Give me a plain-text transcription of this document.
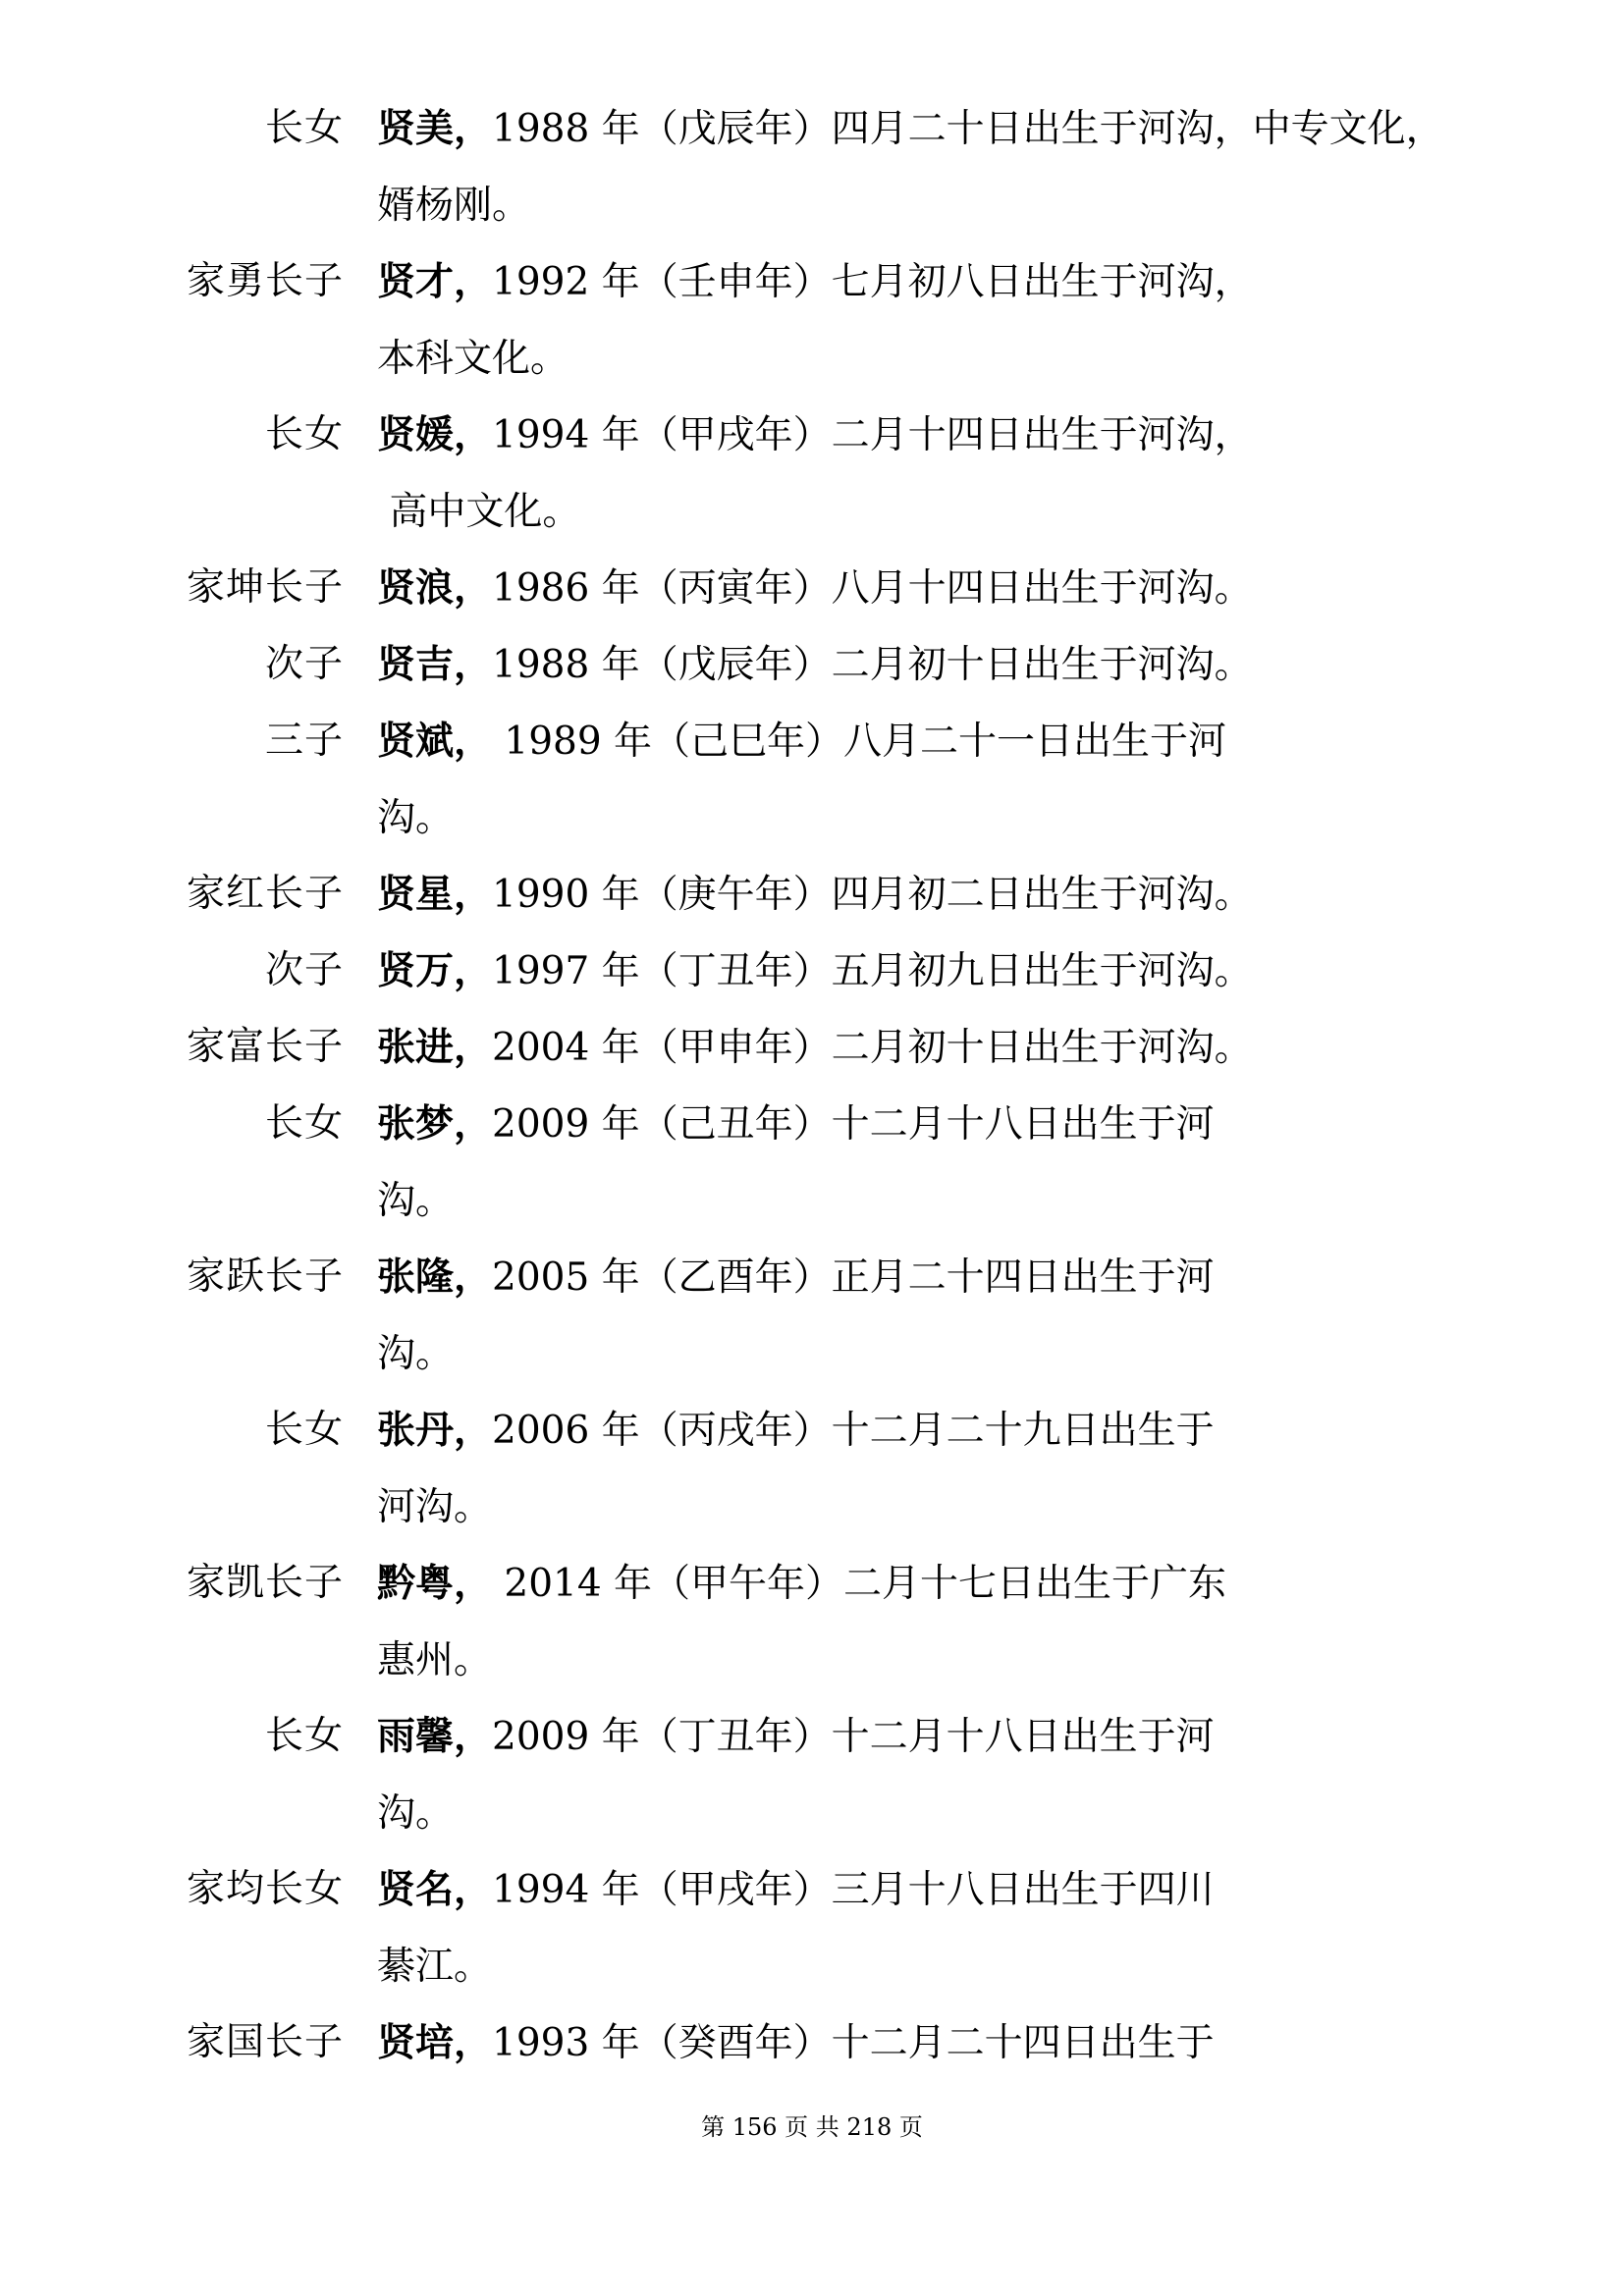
长女 贤美，1988 年（戊辰年）四月二十日出生于河沟，中专文化，
婿杨刚。
家勇长子 贤才，1992 年（壬申年）七月初八日出生于河沟，
本科文化。
长女 贤媛，1994 年（甲戌年）二月十四日出生于河沟，
高中文化。
家坤长子 贤浪，1986 年（丙寅年）八月十四日出生于河沟。
次子 贤吉，1988 年（戊辰年）二月初十日出生于河沟。
三子 贤斌， 1989 年（己巳年）八月二十一日出生于河
沟。
家红长子 贤星，1990 年（庚午年）四月初二日出生于河沟。
次子 贤万，1997 年（丁丑年）五月初九日出生于河沟。
家富长子 张进，2004 年（甲申年）二月初十日出生于河沟。
长女 张梦，2009 年（己丑年）十二月十八日出生于河
沟。
家跃长子 张隆，2005 年（乙酉年）正月二十四日出生于河
沟。
长女 张丹，2006 年（丙戌年）十二月二十九日出生于
河沟。
家凯长子 黔粤， 2014 年（甲午年）二月十七日出生于广东
惠州。
长女 雨馨，2009 年（丁丑年）十二月十八日出生于河
沟。
家均长女 贤名，1994 年（甲戌年）三月十八日出生于四川
綦江。
家国长子 贤培，1993 年（癸酉年）十二月二十四日出生于
第 156 页 共 218 页
